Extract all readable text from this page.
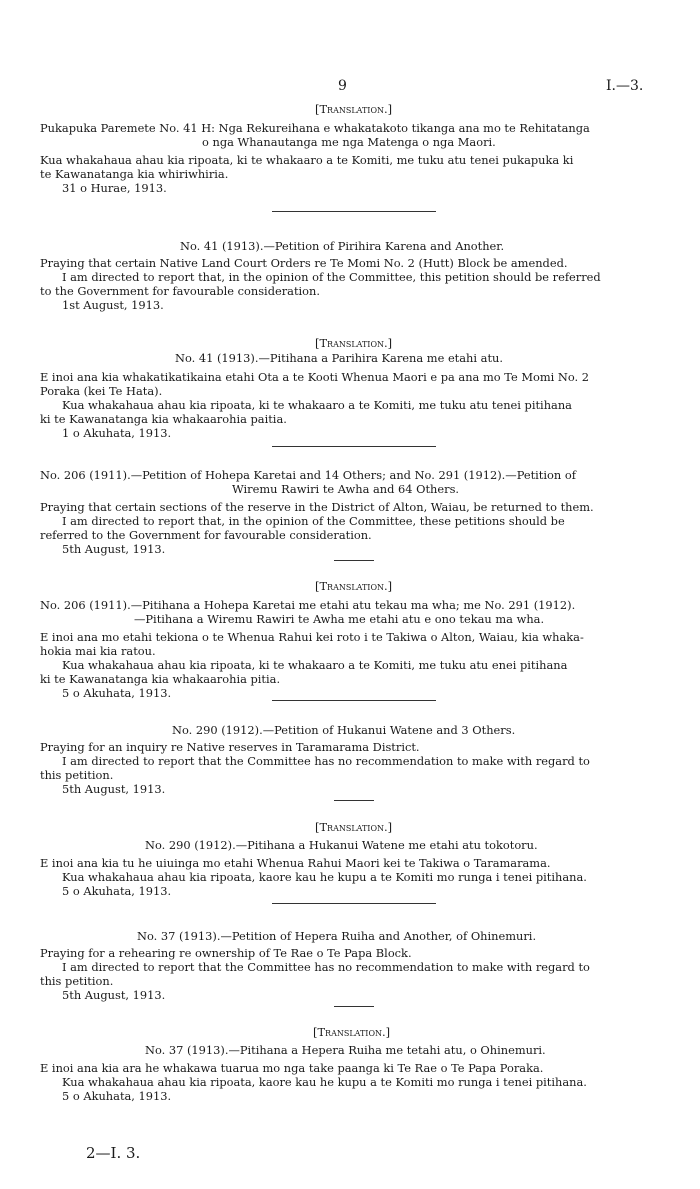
9	I.—3.
[Translation.]
Pukapuka Paremete No. 41 H: Nga Rekureihana e whakatakoto tikanga ana mo te Rehitatanga
o nga Whanautanga me nga Matenga o nga Maori.
Kua whakahaua ahau kia ripoata, ki te whakaaro a te Komiti, me tuku atu tenei pukapuka ki
te Kawanatanga kia whiriwhiria.
31 o Hurae, 1913.
No. 41 (1913).—Petition of Pirihira Karena and Another.
Praying that certain Native Land Court Orders re Te Momi No. 2 (Hutt) Block be amended.
I am directed to report that, in the opinion of the Committee, this petition should be referred
to the Government for favourable consideration.
1st August, 1913.
[Translation.]
No. 41 (1913).—Pitihana a Parihira Karena me etahi atu.
E inoi ana kia whakatikatikaina etahi Ota a te Kooti Whenua Maori e pa ana mo Te Momi No. 2
Poraka (kei Te Hata).
Kua whakahaua ahau kia ripoata, ki te whakaaro a te Komiti, me tuku atu tenei pitihana
ki te Kawanatanga kia whakaarohia paitia.
1 o Akuhata, 1913.
No. 206 (1911).—Petition of Hohepa Karetai and 14 Others; and No. 291 (1912).—Petition of
Wiremu Rawiri te Awha and 64 Others.
Praying that certain sections of the reserve in the District of Alton, Waiau, be returned to them.
I am directed to report that, in the opinion of the Committee, these petitions should be
referred to the Government for favourable consideration.
5th August, 1913.
[Translation.]
No. 206 (1911).—Pitihana a Hohepa Karetai me etahi atu tekau ma wha; me No. 291 (1912).
—Pitihana a Wiremu Rawiri te Awha me etahi atu e ono tekau ma wha.
E inoi ana mo etahi tekiona o te Whenua Rahui kei roto i te Takiwa o Alton, Waiau, kia whaka-
hokia mai kia ratou.
Kua whakahaua ahau kia ripoata, ki te whakaaro a te Komiti, me tuku atu enei pitihana
ki te Kawanatanga kia whakaarohia pitia.
5 o Akuhata, 1913.
No. 290 (1912).—Petition of Hukanui Watene and 3 Others.
Praying for an inquiry re Native reserves in Taramarama District.
I am directed to report that the Committee has no recommendation to make with regard to
this petition.
5th August, 1913.
[Translation.]
No. 290 (1912).—Pitihana a Hukanui Watene me etahi atu tokotoru.
E inoi ana kia tu he uiuinga mo etahi Whenua Rahui Maori kei te Takiwa o Taramarama.
Kua whakahaua ahau kia ripoata, kaore kau he kupu a te Komiti mo runga i tenei pitihana.
5 o Akuhata, 1913.
No. 37 (1913).—Petition of Hepera Ruiha and Another, of Ohinemuri.
Praying for a rehearing re ownership of Te Rae o Te Papa Block.
I am directed to report that the Committee has no recommendation to make with regard to
this petition.
5th August, 1913.
[Translation.]
No. 37 (1913).—Pitihana a Hepera Ruiha me tetahi atu, o Ohinemuri.
E inoi ana kia ara he whakawa tuarua mo nga take paanga ki Te Rae o Te Papa Poraka.
Kua whakahaua ahau kia ripoata, kaore kau he kupu a te Komiti mo runga i tenei pitihana.
5 o Akuhata, 1913.
2—I. 3.
